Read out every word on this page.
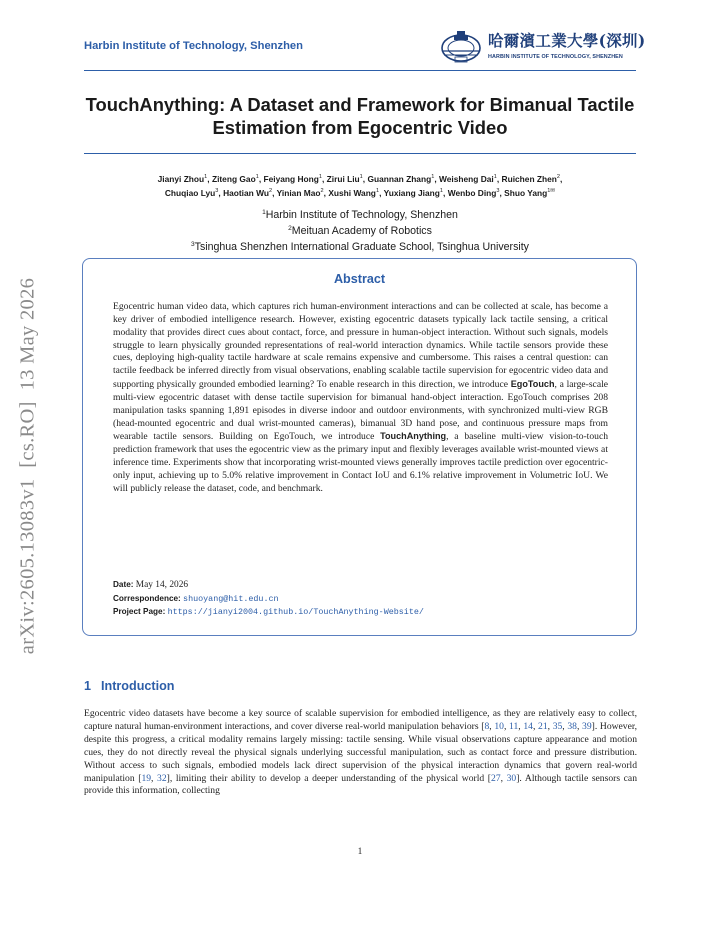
Harbin Institute of Technology, Shenzhen	哈爾濱工業大學(深圳)
HARBIN INSTITUTE OF TECHNOLOGY, SHENZHEN
TouchAnything: A Dataset and Framework for Bimanual Tactile Estimation from Egocentric Video
Jianyi Zhou$^1$, Ziteng Gao$^1$, Feiyang Hong$^1$, Zirui Liu$^1$, Guannan Zhang$^1$, Weisheng Dai$^1$, Ruichen Zhen$^2$,
Chuqiao Lyu$^3$, Haotian Wu$^2$, Yinian Mao$^2$, Xushi Wang$^1$, Yuxiang Jiang$^1$, Wenbo Ding$^3$, Shuo Yang$^{1✉}$
$^1$Harbin Institute of Technology, Shenzhen
$^2$Meituan Academy of Robotics
$^3$Tsinghua Shenzhen International Graduate School, Tsinghua University
arXiv:2605.13083v1  [cs.RO]  13 May 2026	Abstract
Egocentric human video data, which captures rich human-environment interactions and can be collected at scale, has become a key driver of embodied intelligence research. However, existing egocentric datasets typically lack tactile sensing, a critical modality that provides direct cues about contact, force, and pressure in human-object interaction. Without such signals, models struggle to learn physically grounded representations of real-world interaction dynamics. While tactile sensors provide these cues, deploying high-quality tactile hardware at scale remains expensive and cumbersome. This raises a central question: can tactile feedback be inferred directly from visual observations, enabling scalable tactile supervision for egocentric video data and supporting physically grounded embodied learning? To enable research in this direction, we introduce EgoTouch, a large-scale multi-view egocentric dataset with dense tactile supervision for bimanual hand-object interaction. EgoTouch comprises 208 manipulation tasks spanning 1,891 episodes in diverse indoor and outdoor environments, with synchronized multi-view RGB (head-mounted egocentric and dual wrist-mounted cameras), bimanual 3D hand pose, and continuous pressure maps from wearable tactile sensors. Building on EgoTouch, we introduce TouchAnything, a baseline multi-view vision-to-touch prediction framework that uses the egocentric view as the primary input and flexibly leverages available wrist-mounted views at inference time. Experiments show that incorporating wrist-mounted views generally improves tactile prediction over egocentric-only input, achieving up to 5.0% relative improvement in Contact IoU and 6.1% relative improvement in Volumetric IoU. We will publicly release the dataset, code, and benchmark.
Date: May 14, 2026
Correspondence: shuoyang@hit.edu.cn
Project Page: https://jianyi2004.github.io/TouchAnything-Website/
1 Introduction
Egocentric video datasets have become a key source of scalable supervision for embodied intelligence, as they are relatively easy to collect, capture natural human-environment interactions, and cover diverse real-world manipulation behaviors [8, 10, 11, 14, 21, 35, 38, 39]. However, despite this progress, a critical modality remains largely missing: tactile sensing. While visual observations capture appearance and motion cues, they do not directly reveal the physical signals underlying successful manipulation, such as contact force and pressure distribution. Without access to such signals, embodied models lack direct supervision of the physical interaction dynamics that govern real-world manipulation [19, 32], limiting their ability to develop a deeper understanding of the physical world [27, 30]. Although tactile sensors can provide this information, collecting
1
